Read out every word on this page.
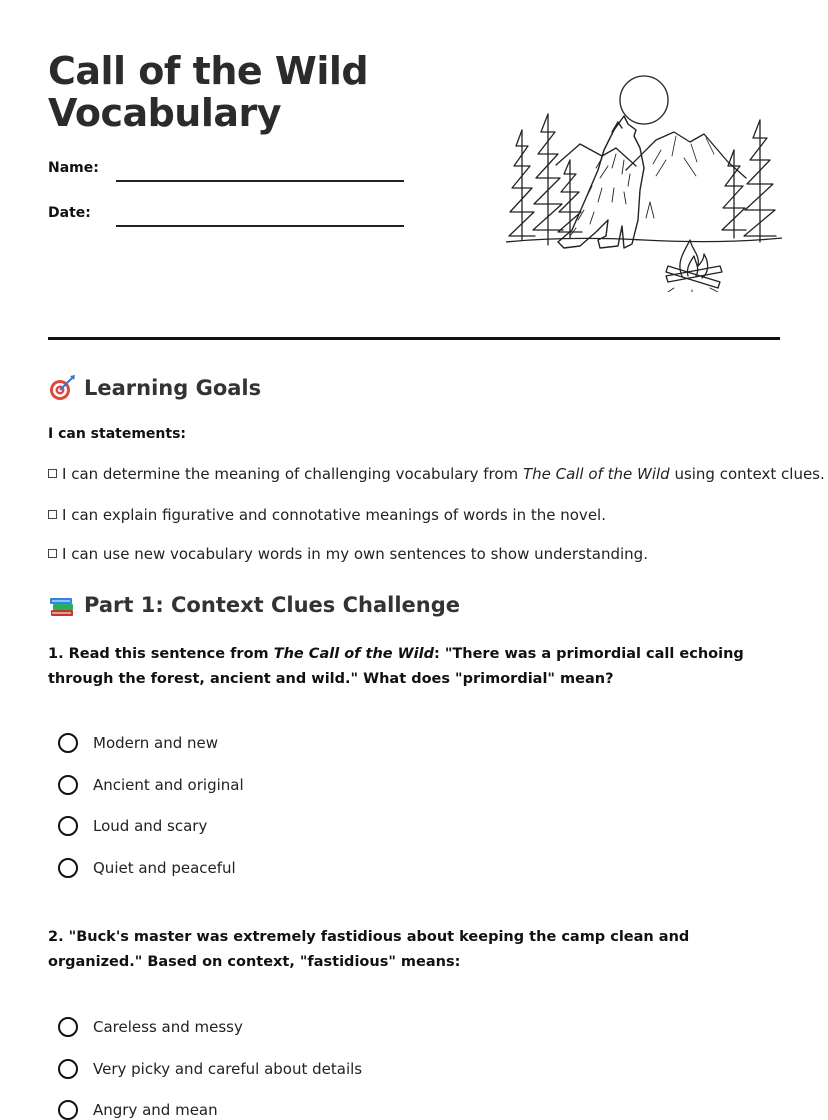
Call of the Wild
Vocabulary
Name:
Date:
Learning Goals
I can statements:
I can determine the meaning of challenging vocabulary from The Call of the Wild using context clues.
I can explain figurative and connotative meanings of words in the novel.
I can use new vocabulary words in my own sentences to show understanding.
Part 1: Context Clues Challenge
1. Read this sentence from The Call of the Wild: "There was a primordial call echoing through the forest, ancient and wild." What does "primordial" mean?
Modern and new
Ancient and original
Loud and scary
Quiet and peaceful
2. "Buck's master was extremely fastidious about keeping the camp clean and organized." Based on context, "fastidious" means:
Careless and messy
Very picky and careful about details
Angry and mean
